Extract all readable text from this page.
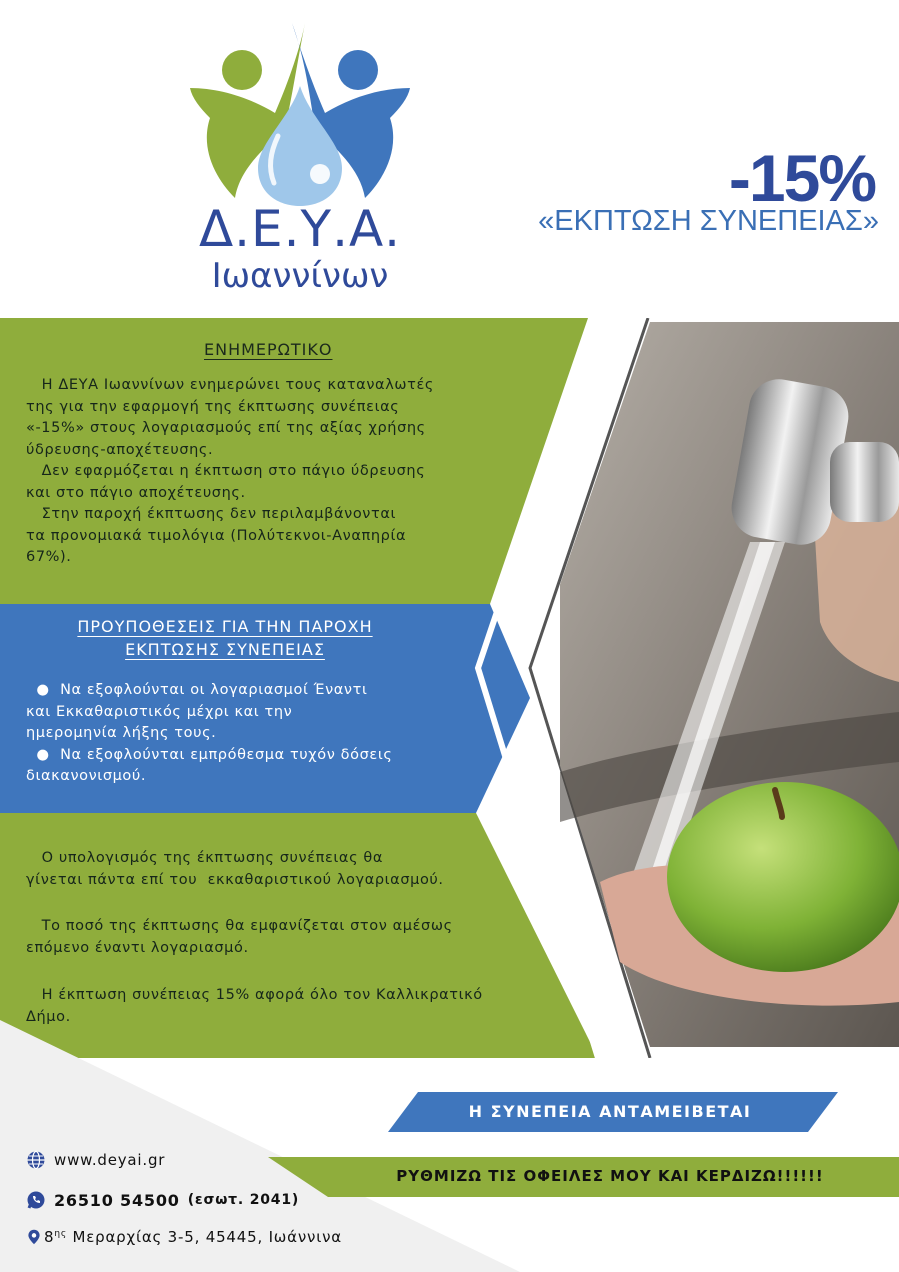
Δ.Ε.Υ.Α.
Ιωαννίνων
-15%
«ΕΚΠΤΩΣΗ ΣΥΝΕΠΕΙΑΣ»
ΕΝΗΜΕΡΩΤΙΚΟ
Η ΔΕΥΑ Ιωαννίνων ενημερώνει τους καταναλωτές
της για την εφαρμογή της έκπτωσης συνέπειας
«-15%» στους λογαριασμούς επί της αξίας χρήσης
ύδρευσης-αποχέτευσης.
Δεν εφαρμόζεται η έκπτωση στο πάγιο ύδρευσης
και στο πάγιο αποχέτευσης.
Στην παροχή έκπτωσης δεν περιλαμβάνονται
τα προνομιακά τιμολόγια (Πολύτεκνοι-Αναπηρία
67%).
ΠΡΟΥΠΟΘΕΣΕΙΣ ΓΙΑ ΤΗΝ ΠΑΡΟΧΗ
ΕΚΠΤΩΣΗΣ ΣΥΝΕΠΕΙΑΣ
●  Να εξοφλούνται οι λογαριασμοί Έναντι
και Εκκαθαριστικός μέχρι και την
ημερομηνία λήξης τους.
●  Να εξοφλούνται εμπρόθεσμα τυχόν δόσεις
διακανονισμού.
Ο υπολογισμός της έκπτωσης συνέπειας θα
γίνεται πάντα επί του  εκκαθαριστικού λογαριασμού.
Το ποσό της έκπτωσης θα εμφανίζεται στον αμέσως
επόμενο έναντι λογαριασμό.
Η έκπτωση συνέπειας 15% αφορά όλο τον Καλλικρατικό
Δήμο.
Η ΣΥΝΕΠΕΙΑ ΑΝΤΑΜΕΙΒΕΤΑΙ
ΡΥΘΜΙΖΩ ΤΙΣ ΟΦΕΙΛΕΣ ΜΟΥ ΚΑΙ ΚΕΡΔΙΖΩ!!!!!!
www.deyai.gr
26510 54500 (εσωτ. 2041)
$8^{\eta\varsigma}$ Μεραρχίας 3-5, 45445, Ιωάννινα
